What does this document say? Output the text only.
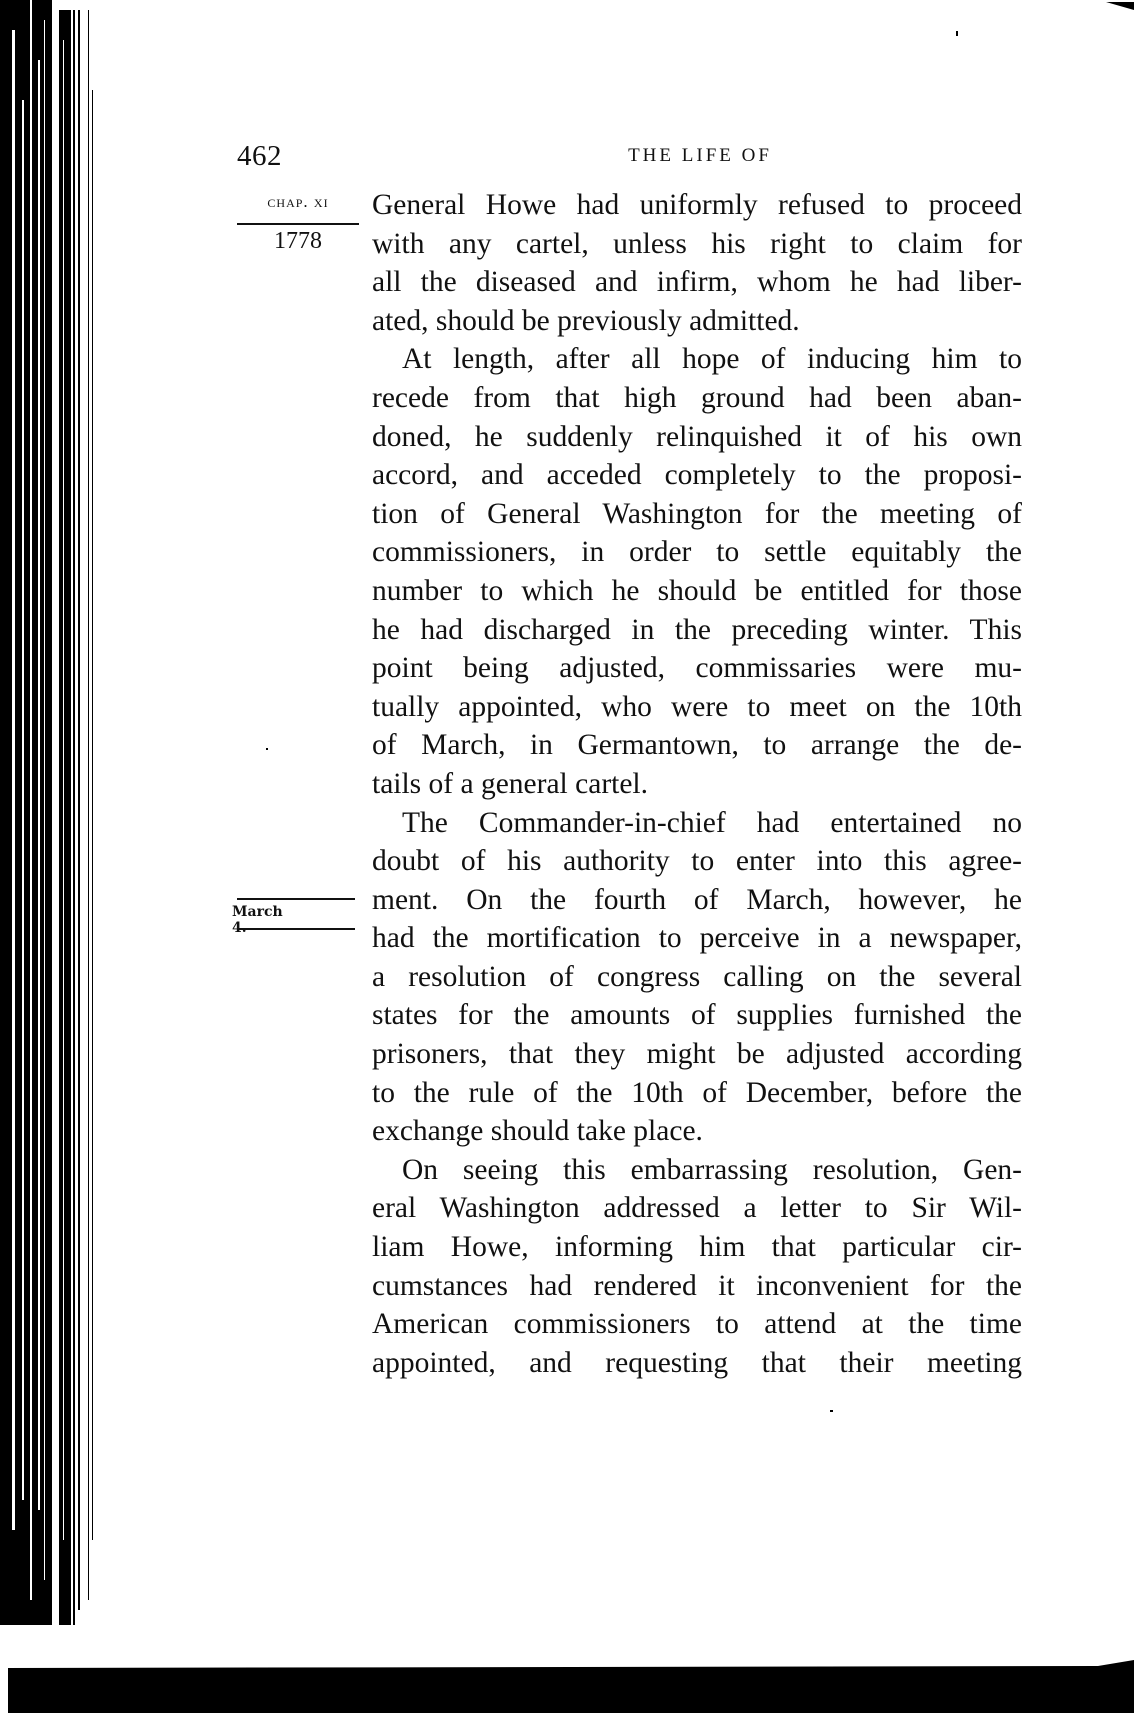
462	THE LIFE OF
chap. xi
1778
March 4.
General Howe had uniformly refused to proceed
with any cartel, unless his right to claim for
all the diseased and infirm, whom he had liber-
ated, should be previously admitted.
At length, after all hope of inducing him to
recede from that high ground had been aban-
doned, he suddenly relinquished it of his own
accord, and acceded completely to the proposi-
tion of General Washington for the meeting of
commissioners, in order to settle equitably the
number to which he should be entitled for those
he had discharged in the preceding winter. This
point being adjusted, commissaries were mu-
tually appointed, who were to meet on the 10th
of March, in Germantown, to arrange the de-
tails of a general cartel.
The Commander-in-chief had entertained no
doubt of his authority to enter into this agree-
ment. On the fourth of March, however, he
had the mortification to perceive in a newspaper,
a resolution of congress calling on the several
states for the amounts of supplies furnished the
prisoners, that they might be adjusted according
to the rule of the 10th of December, before the
exchange should take place.
On seeing this embarrassing resolution, Gen-
eral Washington addressed a letter to Sir Wil-
liam Howe, informing him that particular cir-
cumstances had rendered it inconvenient for the
American commissioners to attend at the time
appointed, and requesting that their meeting
